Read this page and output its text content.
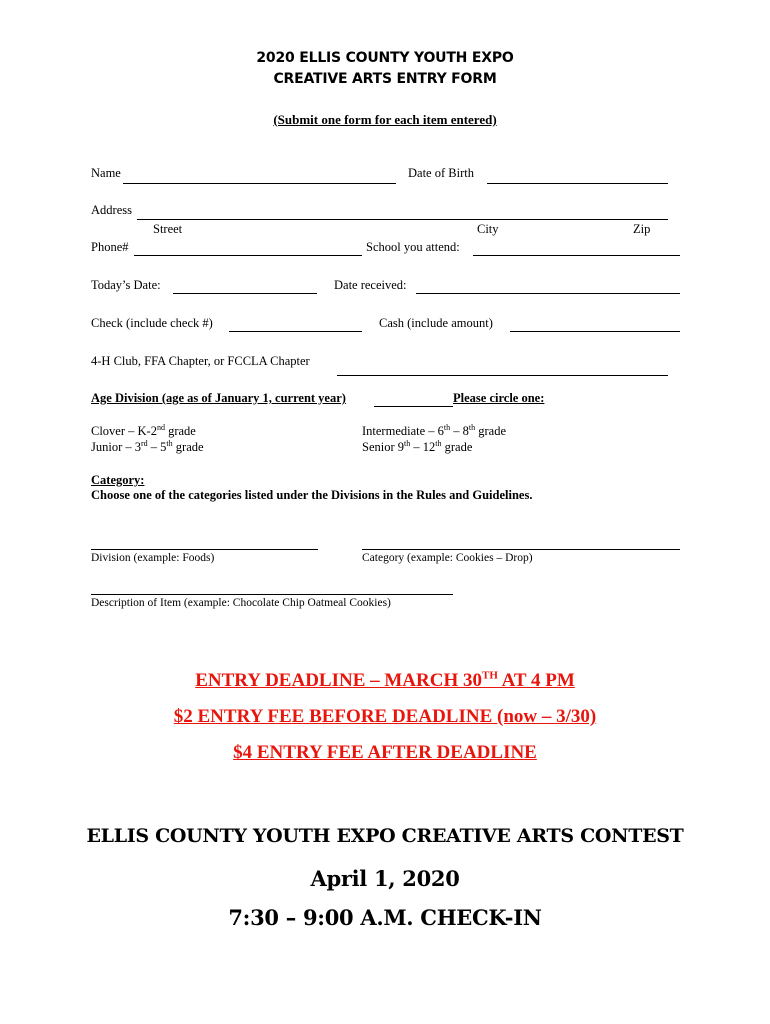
2020 ELLIS COUNTY YOUTH EXPO
CREATIVE ARTS ENTRY FORM
(Submit one form for each item entered)
Name	Date of Birth
Address
Street	City	Zip
Phone#	School you attend:
Today’s Date:	Date received:
Check (include check #)	Cash (include amount)
4-H Club, FFA Chapter, or FCCLA Chapter
Age Division (age as of January 1, current year)	Please circle one:
Clover – K-2nd grade
Junior – 3rd – 5th grade
Intermediate – 6th – 8th grade
Senior 9th – 12th grade
Category:
Choose one of the categories listed under the Divisions in the Rules and Guidelines.
Division (example: Foods)	Category (example: Cookies – Drop)
Description of Item (example: Chocolate Chip Oatmeal Cookies)
ENTRY DEADLINE – MARCH 30TH AT 4 PM
$2 ENTRY FEE BEFORE DEADLINE (now – 3/30)
$4 ENTRY FEE AFTER DEADLINE
ELLIS COUNTY YOUTH EXPO CREATIVE ARTS CONTEST
April 1, 2020
7:30 – 9:00 A.M. CHECK-IN
